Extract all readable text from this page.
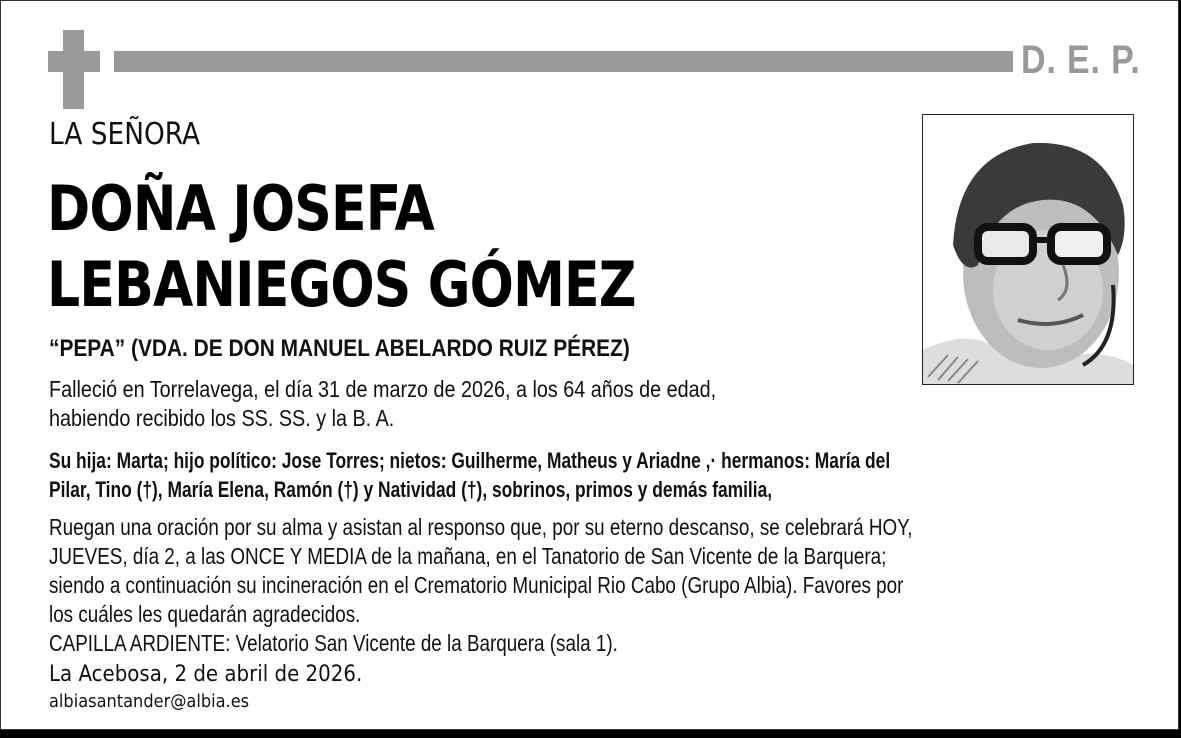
D. E. P.
LA SEÑORA
DOÑA JOSEFA
LEBANIEGOS GÓMEZ
“PEPA” (VDA. DE DON MANUEL ABELARDO RUIZ PÉREZ)
Falleció en Torrelavega, el día 31 de marzo de 2026, a los 64 años de edad,
habiendo recibido los SS. SS. y la B. A.
Su hija: Marta; hijo político: Jose Torres; nietos: Guilherme, Matheus y Ariadne ,· hermanos: María del
Pilar, Tino (†), María Elena, Ramón (†) y Natividad (†), sobrinos, primos y demás familia,
Ruegan una oración por su alma y asistan al responso que, por su eterno descanso, se celebrará HOY,
JUEVES, día 2, a las ONCE Y MEDIA de la mañana, en el Tanatorio de San Vicente de la Barquera;
siendo a continuación su incineración en el Crematorio Municipal Rio Cabo (Grupo Albia). Favores por
los cuáles les quedarán agradecidos.
CAPILLA ARDIENTE: Velatorio San Vicente de la Barquera (sala 1).
La Acebosa, 2 de abril de 2026.
albiasantander@albia.es
